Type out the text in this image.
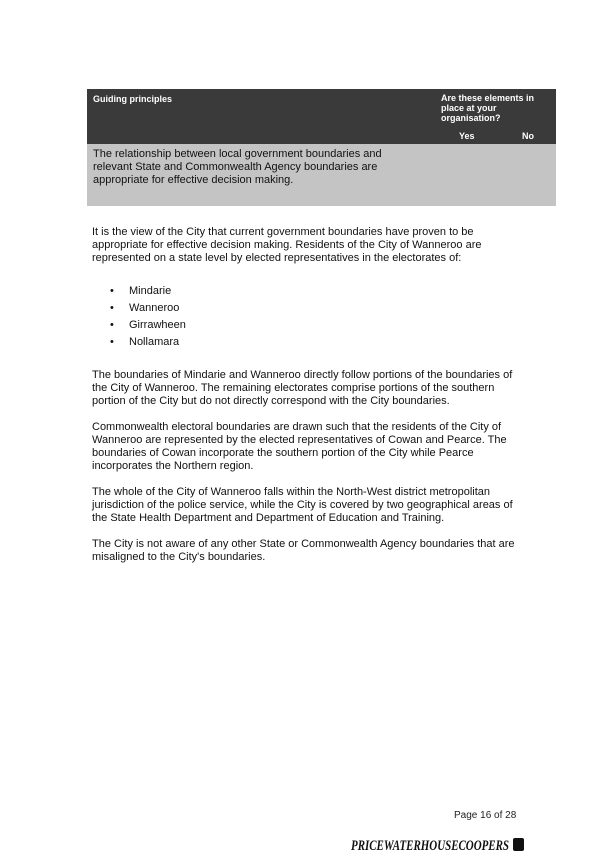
Guiding principles	Are these elements in place at your organisation?
Yes	No
The relationship between local government boundaries and relevant State and Commonwealth Agency boundaries are appropriate for effective decision making.

It is the view of the City that current government boundaries have proven to be appropriate for effective decision making. Residents of the City of Wanneroo are represented on a state level by elected representatives in the electorates of:

• Mindarie
• Wanneroo
• Girrawheen
• Nollamara

The boundaries of Mindarie and Wanneroo directly follow portions of the boundaries of the City of Wanneroo. The remaining electorates comprise portions of the southern portion of the City but do not directly correspond with the City boundaries.

Commonwealth electoral boundaries are drawn such that the residents of the City of Wanneroo are represented by the elected representatives of Cowan and Pearce. The boundaries of Cowan incorporate the southern portion of the City while Pearce incorporates the Northern region.

The whole of the City of Wanneroo falls within the North-West district metropolitan jurisdiction of the police service, while the City is covered by two geographical areas of the State Health Department and Department of Education and Training.

The City is not aware of any other State or Commonwealth Agency boundaries that are misaligned to the City's boundaries.

Page 16 of 28
PRICEWATERHOUSECOOPERS
